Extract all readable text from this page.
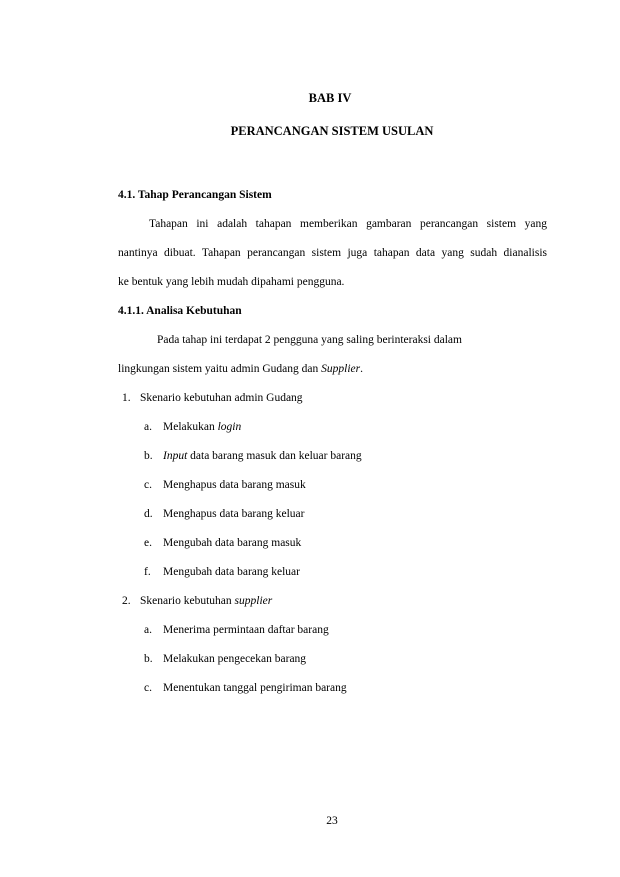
BAB IV
PERANCANGAN SISTEM USULAN
4.1. Tahap Perancangan Sistem
Tahapan ini adalah tahapan memberikan gambaran perancangan sistem yang
nantinya dibuat. Tahapan perancangan sistem juga tahapan data yang sudah dianalisis
ke bentuk yang lebih mudah dipahami pengguna.
4.1.1. Analisa Kebutuhan
Pada tahap ini terdapat 2 pengguna yang saling berinteraksi dalam
lingkungan sistem yaitu admin Gudang dan Supplier.
1. Skenario kebutuhan admin Gudang
a. Melakukan login
b. Input data barang masuk dan keluar barang
c. Menghapus data barang masuk
d. Menghapus data barang keluar
e. Mengubah data barang masuk
f. Mengubah data barang keluar
2. Skenario kebutuhan supplier
a. Menerima permintaan daftar barang
b. Melakukan pengecekan barang
c. Menentukan tanggal pengiriman barang
23
